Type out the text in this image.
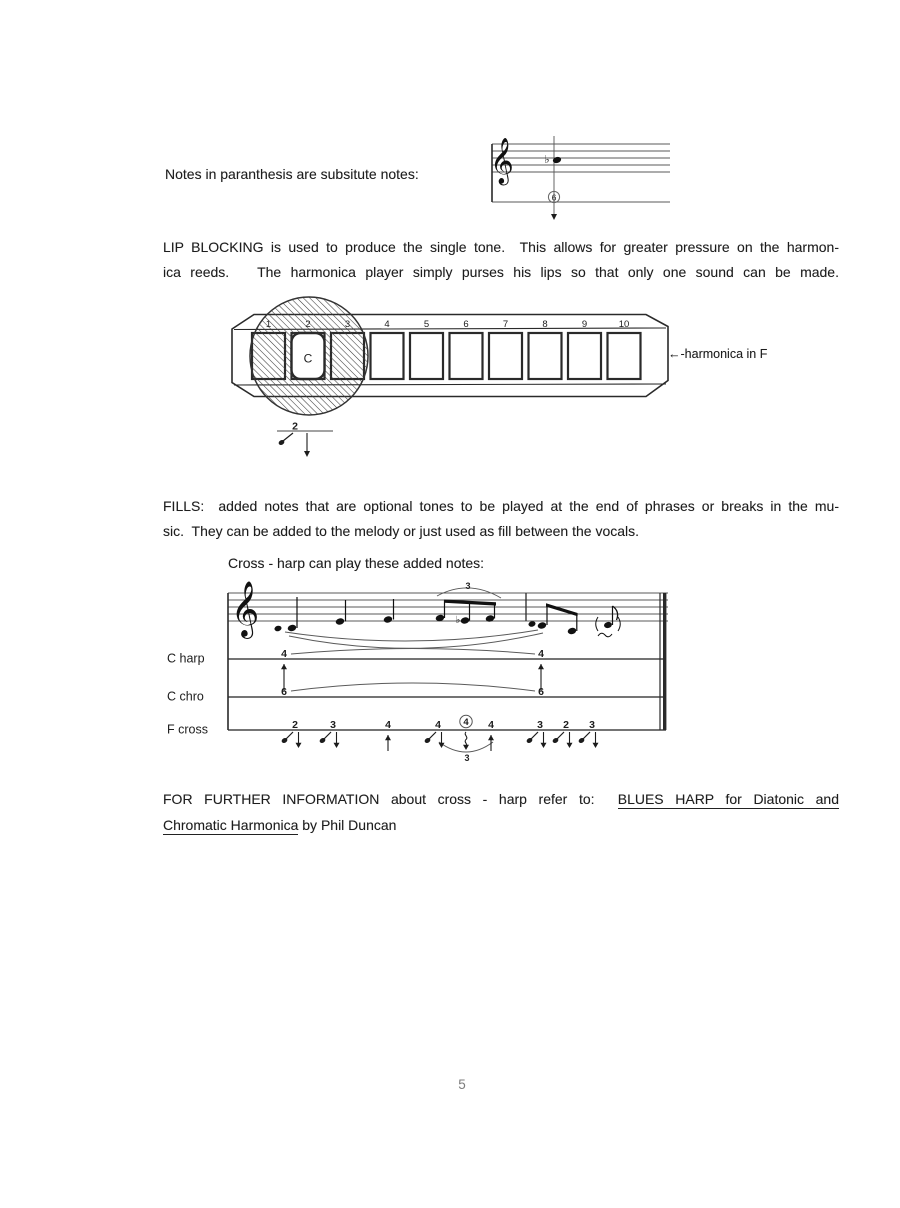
Notes in paranthesis are subsitute notes: 𝄞	♭
6
LIP BLOCKING is used to produce the single tone.  This allows for greater pressure on the harmon-
ica reeds.   The harmonica player simply purses his lips so that only one sound can be made.
4	5	6	7	8	9	10
C	←-harmonica in F
2
FILLS:  added notes that are optional tones to be played at the end of phrases or breaks in the mu-
sic.  They can be added to the melody or just used as fill between the vocals.
Cross - harp can play these added notes:
𝄞	♭
3
3
C harp	4	4
C chro	6	6
F cross	2	3	4	4 4 4	3 2 3
FOR FURTHER INFORMATION about cross - harp refer to:  BLUES HARP for Diatonic and
Chromatic Harmonica by Phil Duncan
5
